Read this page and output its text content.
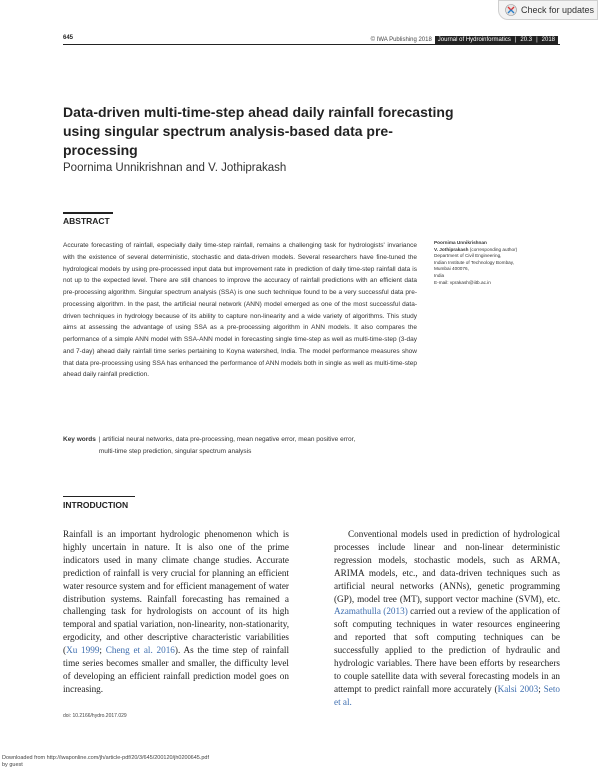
Check for updates
645	© IWA Publishing 2018 Journal of Hydroinformatics | 20.3 | 2018
Data-driven multi-time-step ahead daily rainfall forecasting using singular spectrum analysis-based data pre-processing
Poornima Unnikrishnan and V. Jothiprakash
ABSTRACT

Accurate forecasting of rainfall, especially daily time-step rainfall, remains a challenging task for hydrologists' invariance with the existence of several deterministic, stochastic and data-driven models. Several researchers have fine-tuned the hydrological models by using pre-processed input data but improvement rate in prediction of daily time-step rainfall data is not up to the expected level. There are still chances to improve the accuracy of rainfall predictions with an efficient data pre-processing algorithm. Singular spectrum analysis (SSA) is one such technique found to be a very successful data pre-processing algorithm. In the past, the artificial neural network (ANN) model emerged as one of the most successful data-driven techniques in hydrology because of its ability to capture non-linearity and a wide variety of algorithms. This study aims at assessing the advantage of using SSA as a pre-processing algorithm in ANN models. It also compares the performance of a simple ANN model with SSA-ANN model in forecasting single time-step as well as multi-time-step (3-day and 7-day) ahead daily rainfall time series pertaining to Koyna watershed, India. The model performance measures show that data pre-processing using SSA has enhanced the performance of ANN models both in single as well as multi-time-step ahead daily rainfall prediction.

Key words | artificial neural networks, data pre-processing, mean negative error, mean positive error, multi-time step prediction, singular spectrum analysis
Poornima Unnikrishnan
V. Jothiprakash (corresponding author)
Department of Civil Engineering,
Indian Institute of Technology Bombay,
Mumbai 400076,
India
E-mail: vprakash@iitb.ac.in
INTRODUCTION

Rainfall is an important hydrologic phenomenon which is highly uncertain in nature. It is also one of the prime indicators used in many climate change studies. Accurate prediction of rainfall is very crucial for planning an efficient water resource system and for efficient management of water distribution systems. Rainfall forecasting has remained a challenging task for hydrologists on account of its high temporal and spatial variation, non-linearity, non-stationarity, ergodicity, and other descriptive characteristic variabilities (Xu 1999; Cheng et al. 2016). As the time step of rainfall time series becomes smaller and smaller, the difficulty level of developing an efficient rainfall prediction model goes on increasing.

Conventional models used in prediction of hydrological processes include linear and non-linear deterministic regression models, stochastic models, such as ARMA, ARIMA models, etc., and data-driven techniques such as artificial neural networks (ANNs), genetic programming (GP), model tree (MT), support vector machine (SVM), etc. Azamathulla (2013) carried out a review of the application of soft computing techniques in water resources engineering and reported that soft computing techniques can be successfully applied to the prediction of hydraulic and hydrologic variables. There have been efforts by researchers to couple satellite data with several forecasting models in an attempt to predict rainfall more accurately (Kalsi 2003; Seto et al.

doi: 10.2166/hydro.2017.029
Downloaded from http://iwaponline.com/jh/article-pdf/20/3/645/200120/jh0200645.pdf
by guest
